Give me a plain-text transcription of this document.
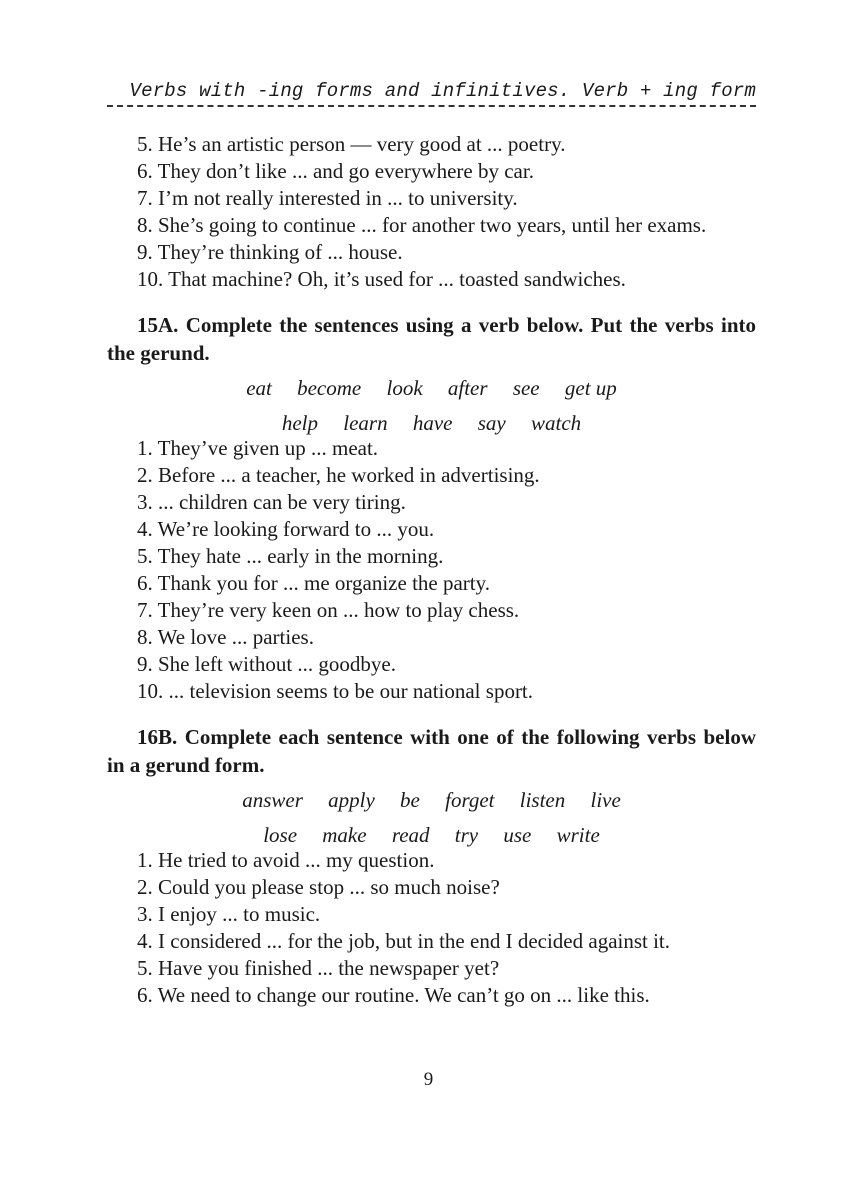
Verbs with -ing forms and infinitives. Verb + ing form

5. He’s an artistic person — very good at ... poetry.

6. They don’t like ... and go everywhere by car.

7. I’m not really interested in ... to university.

8. She’s going to continue ... for another two years, until her exams.

9. They’re thinking of ... house.

10. That machine? Oh, it’s used for ... toasted sandwiches.

15A. Complete the sentences using a verb below. Put the verbs into the gerund.

eat become look after see get up
help learn have say watch

1. They’ve given up ... meat.

2. Before ... a teacher, he worked in advertising.

3. ... children can be very tiring.

4. We’re looking forward to ... you.

5. They hate ... early in the morning.

6. Thank you for ... me organize the party.

7. They’re very keen on ... how to play chess.

8. We love ... parties.

9. She left without ... goodbye.

10. ... television seems to be our national sport.

16B. Complete each sentence with one of the following verbs below in a gerund form.

answer apply be forget listen live
lose make read try use write

1. He tried to avoid ... my question.

2. Could you please stop ... so much noise?

3. I enjoy ... to music.

4. I considered ... for the job, but in the end I decided against it.

5. Have you finished ... the newspaper yet?

6. We need to change our routine. We can’t go on ... like this.

9
